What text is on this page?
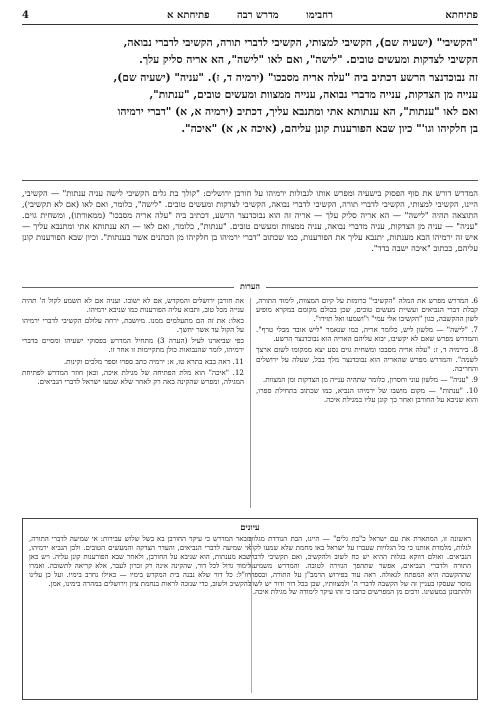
4	רחבימו מדרש רבה פתיחתא א	פתיחתא
"הקשיבי" (ישעיה שם), הקשיבי למצותי, הקשיבי לדברי תורה, הקשיבי לדברי נבואה,
הקשיבי לצדקות ומעשים טובים. "לישה", ואם לאו "לישה", הא אריה סליק עלך.
זה נבוכדנצר הרשע דכתיב ביה "עלה אריה מסבכו" (ירמיה ד, ז). "עניה" (ישעיה שם),
ענייה מן הצדקות, ענייה מדברי נבואה, ענייה ממצוות ומעשים טובים, "ענתות",
ואם לאו "ענתות", הא ענתותא אתי ומתנבא עליך, דכתיב (ירמיה א, א) "דברי ירמיהו
בן חלקיהו וגו'" כיון שבא הפורענות קונן עליהם, (איכה א, א) "איכה".
המדרש דורש את סוף הפסוק בישעיה ומפרש אותו לגבולות ירמיהו על חורבן ירושלים: "קולך בת גלים הקשיבי לישה עניה ענתות" — הקשיבי, היינו, הקשיבי למצותי, הקשיבי לדברי תורה, הקשיבי לדברי נבואה, הקשיבי לצדקות ומעשים טובים. "לישה", כלומר, ואם לאו (אם לא תקשיבי), התוצאה תהיה "לישה" — הא אריה סליק עלך — אריה זה הוא נבוכדנצר הרשע, דכתיב ביה "עלה אריה מסבכו" (ממאורתו), ומשחית גוים. "עניה" — עניה מן הצדקות, עניה מדברי נבואה, עניה ממצוות ומעשים טובים. "ענתות", כלומר, ואם לאו — הא ענתותא אתי ומתנבא עליך — איש זה ירמיהו הבא מענתות, יתנבא עליך את הפורענות, כמו שכתוב "דברי ירמיהו בן חלקיהו מן הכהנים אשר בענתות". וכיון שבא הפורענות קונן עליהם, ככתוב "איכה ישבה בדד".
הערות

6. המדרש מפרש את המלה "הקשיבי" כרומזת על קיום המצוות, לימוד התורה, קבלת דברי הנביאים ועשיית מעשים טובים, שכן בכולם מקומם במקרא מופיע לשון ההקשבה, כגון "הקשיבו אלי עמי" ו"ושמעו ואל תזידו".

7. "לישה" — מלשון ליש, כלומר אריה, כמו שנאמר "ליש אובד מבלי טרף". והמדרש מפרש שאם לא יקשיבו, יבוא עליהם האריה הוא נבוכדנצר הרשע.

8. בירמיה ד, ז: "עלה אריה מסבכו ומשחית גוים נסע יצא ממקומו לשום ארצך לשמה". והמדרש מפרש שהאריה הוא נבוכדנצר מלך בבל, שעלה על ירושלים והחריבה.

9. "עניה" — מלשון עוני וחסרון, כלומר שתהיה ענייה מן הצדקות ומן המצוות.

10. "ענתות" — מקום מושבו של ירמיהו הנביא, כמו שכתוב בתחילת ספרו, והוא שניבא על החורבן ואחר כך קונן עליו במגילת איכה.

את חורבן ירושלים והמקדש, אם לא ישובו. ועניה אם לא תשמע לקול ה' תהיה ענייה מכל טוב, ותבוא עליה הפורענות כמו שניבא ירמיהו.

כאלו: את זה הם מתעלמים ממנו. מיושבת, ירחה עלולם הקשיבי לדברי ירמיהו על הקול עד אשר יחשך.

כפי שביארנו לעיל (הערה 3) מתחיל המדרש בפסוקי ישעיהו ומסיים בדברי ירמיהו, לומר שהנבואות כולן מתקיימות זו אחר זו.

11. ראה בבא בתרא טו, א: ירמיה כתב ספרו וספר מלכים וקינות.

12. "איכה" הוא מלת הפתיחה של מגילת איכה, וכאן חוזר המדרש לפתיחת המגילה, ומפרש שהקינה באה רק לאחר שלא שמעו ישראל לדברי הנביאים.

עיונים
ראשונה זו, המתארת את עם ישראל כ"בת גלים" — היינו, הבת הנודדת מגלות לגלות, מלמדת אותנו כי כל הגלויות שעברו על ישראל באו מחמת שלא שמעו לקול הנביאים. ואולם דווקא בגלות ההיא יש כח לשוב ולהקשיב, ואם תקשיבי לדברי התורה ולדברי הנביאים, אפשר שתהפך הגזירה לטובה. והמדרש משמיענו שההקשבה היא המפתח לגאולה. ראה עוד בפירוש הרמב"ן על התורה, ובספרי מוסר שעסקו בעניין זה של הקשבה לדברי ה' ולמצוותיו, שכן בכל דור ודור יש לשוב ולהתבונן במעשינו. ורבים מן המפרשים כתבו כי זהו עיקר לימודה של מגילת איכה.
מבאר המדרש כי עיקר החורבן בא בשל שלוש עבירות: אי שמיעה לדברי התורה, אי שמיעה לדברי הנביאים, והעדר הצדקה והמעשים הטובים. ולכן הנביא ירמיהו, שבא מענתות, הוא שניבא על החורבן, ולאחר שבא הפורענות קונן עליה. ויש כאן לימוד גדול לכל דור, שהקינה אינה רק זכרון לעבר, אלא קריאה לתשובה. ואמרו חז"ל: כל דור שלא נבנה בית המקדש בימיו — כאילו נחרב בימיו. ועל כן עלינו להקשיב ולשוב, כדי שנזכה לראות בנחמת ציון וירושלים במהרה בימינו, אמן.
